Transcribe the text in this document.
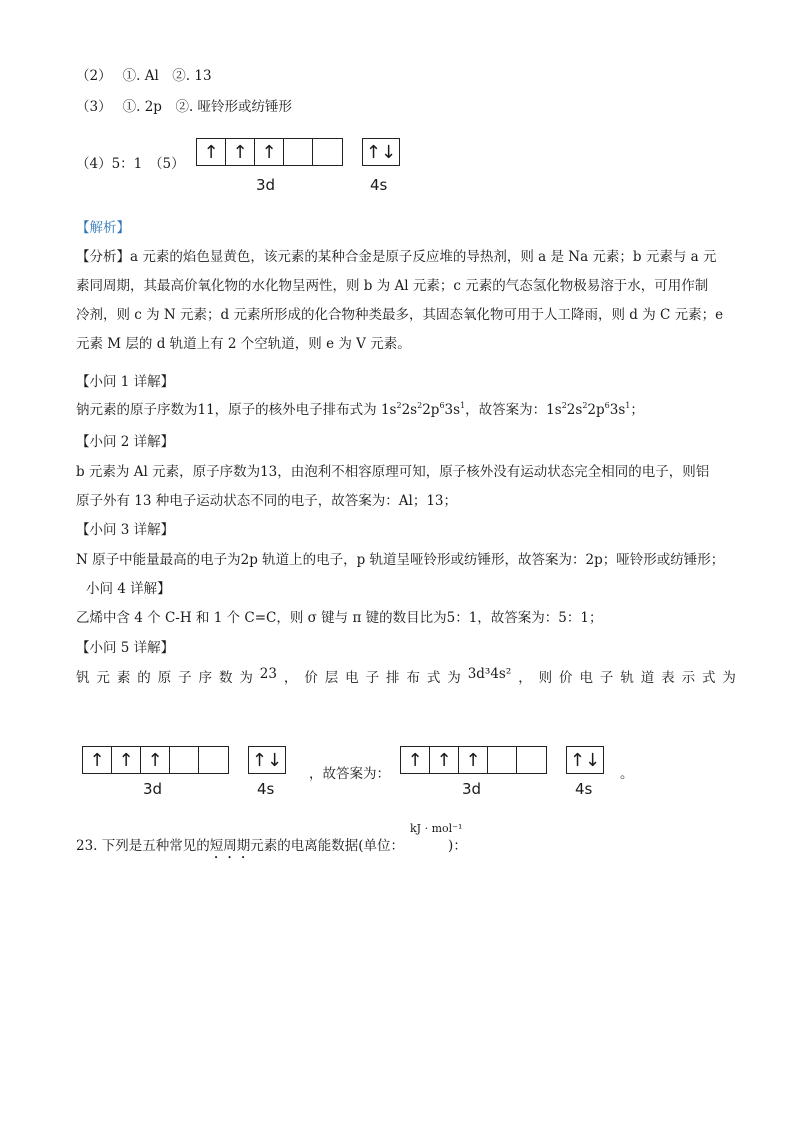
（2）　 ①. Al　②. 13
（3）　 ①. 2p　②. 哑铃形或纺锤形
（4）5：1　（5）
↑ ↑ ↑
3d
↑↓
4s
【解析】
【分析】a 元素的焰色显黄色，该元素的某种合金是原子反应堆的导热剂，则 a 是 Na 元素；b 元素与 a 元
素同周期，其最高价氧化物的水化物呈两性，则 b 为 Al 元素；c 元素的气态氢化物极易溶于水，可用作制
冷剂，则 c 为 N 元素；d 元素所形成的化合物种类最多，其固态氧化物可用于人工降雨，则 d 为 C 元素；e
元素 M 层的 d 轨道上有 2 个空轨道，则 e 为 V 元素。
【小问 1 详解】
钠元素的原子序数为11，原子的核外电子排布式为 $1s^22s^22p^63s^1$，故答案为：$1s^22s^22p^63s^1$；
【小问 2 详解】
b 元素为 Al 元素，原子序数为13，由泡利不相容原理可知，原子核外没有运动状态完全相同的电子，则铝
原子外有 13 种电子运动状态不同的电子，故答案为：Al；13；
【小问 3 详解】
N 原子中能量最高的电子为2p 轨道上的电子，p 轨道呈哑铃形或纺锤形，故答案为：2p；哑铃形或纺锤形；
小问 4 详解】
乙烯中含 4 个 C-H 和 1 个 C=C，则 σ 键与 π 键的数目比为5：1，故答案为：5：1；
【小问 5 详解】
钒 元 素 的 原 子 序 数 为 23 ， 价 层 电 子 排 布 式 为 3d³4s² ， 则 价 电 子 轨 道 表 示 式 为
↑ ↑ ↑
3d
↑↓
4s
，故答案为：
↑ ↑ ↑
3d
↑↓
4s
。
23. 下列是五种常见的短周期元素的电离能数据(单位：	)：
kJ · mol⁻¹
